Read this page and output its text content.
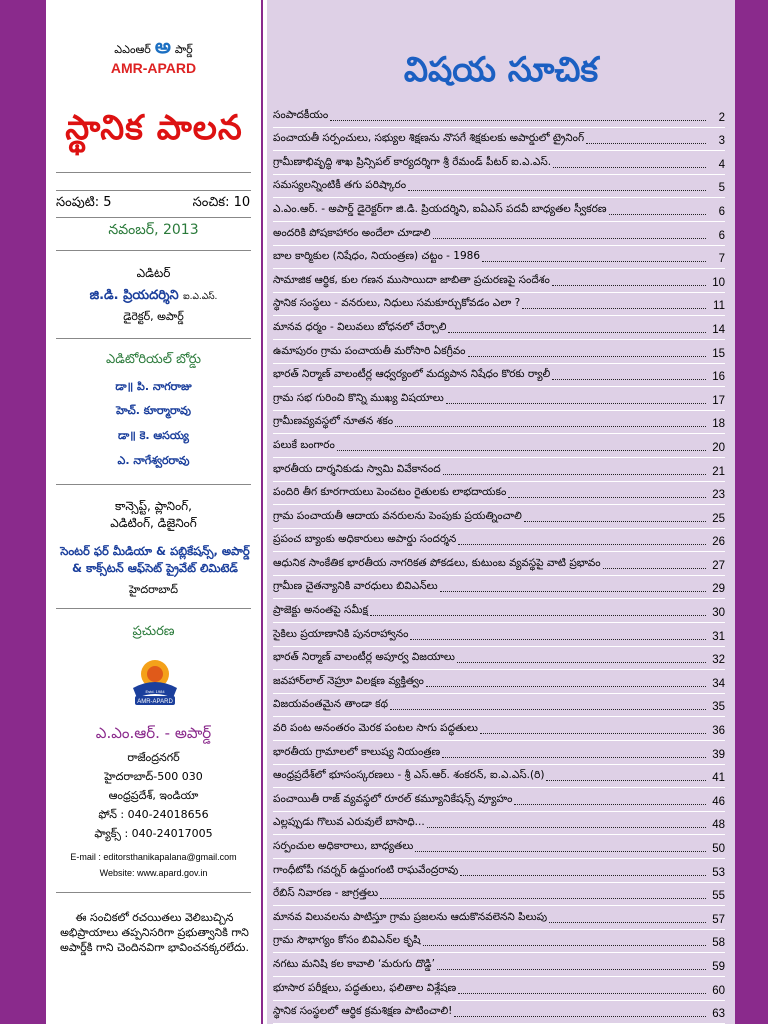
ఎఎంఆర్ అ పార్డ్
AMR-APARD
స్థానిక పాలన
సంపుటి: 5	సంచిక: 10
నవంబర్, 2013
ఎడిటర్
జి.డి. ప్రియదర్శిని ఐ.ఎ.ఎస్.
డైరెక్టర్, అపార్డ్
ఎడిటోరియల్ బోర్డు
డా॥ పి. నాగరాజు
హెచ్. కూర్మారావు
డా॥ కె. ఆసయ్య
ఎ. నాగేశ్వరరావు
కాన్సెప్ట్, ప్లానింగ్,
ఎడిటింగ్, డిజైనింగ్
సెంటర్ ఫర్ మీడియా & పబ్లికేషన్స్, అపార్డ్
& కాక్స్‌టన్ ఆఫ్‌సెట్ ప్రైవేట్ లిమిటెడ్
హైదరాబాద్
ప్రచురణ
AMR-APARD
Estd. 1984
ఎ.ఎం.ఆర్. - అపార్డ్
రాజేంద్రనగర్
హైదరాబాద్-500 030
ఆంధ్రప్రదేశ్, ఇండియా
ఫోన్ : 040-24018656
ఫ్యాక్స్ : 040-24017005
E-mail : editorsthanikapalana@gmail.com
Website: www.apard.gov.in
ఈ సంచికలో రచయితలు వెలిబుచ్చిన అభిప్రాయాలు తప్పనిసరిగా ప్రభుత్వానికి గాని అపార్డ్‌కి గాని చెందినవిగా భావించనక్కరలేదు.
విషయ సూచిక
సంపాదకీయం	2
పంచాయతీ సర్పంచులు, సభ్యుల శిక్షణను నొసగే శిక్షకులకు అపార్డులో ట్రైనింగ్	3
గ్రామీణాభివృద్ధి శాఖ ప్రిన్సిపల్ కార్యదర్శిగా శ్రీ రేమండ్ పీటర్ ఐ.ఎ.ఎస్.	4
సమస్యలన్నింటికీ తగు పరిష్కారం	5
ఎ.ఎం.ఆర్. - అపార్డ్ డైరెక్టర్‌గా జి.డి. ప్రియదర్శిని, ఐఏఎస్ పదవీ బాధ్యతల స్వీకరణ	6
అందరికి పోషకాహారం అందేలా చూడాలి	6
బాల కార్మికుల (నిషేధం, నియంత్రణ) చట్టం - 1986	7
సామాజిక ఆర్థిక, కుల గణన ముసాయిదా జాబితా ప్రచురణపై సందేశం	10
స్థానిక సంస్థలు - వనరులు, నిధులు సమకూర్చుకోవడం ఎలా ?	11
మానవ ధర్మం - విలువలు బోధనలో చేర్చాలి	14
ఉమాపురం గ్రామ పంచాయతీ మరోసారి ఏకగ్రీవం	15
భారత్ నిర్మాణ్ వాలంటీర్ల ఆధ్వర్యంలో మద్యపాన నిషేధం కొరకు ర్యాలీ	16
గ్రామ సభ గురించి కొన్ని ముఖ్య విషయాలు	17
గ్రామీణవ్యవస్థలో నూతన శకం	18
పలుకే బంగారం	20
భారతీయ దార్శనికుడు స్వామి వివేకానంద	21
పందిరి తీగ కూరగాయలు పెంచటం రైతులకు లాభదాయకం	23
గ్రామ పంచాయతీ ఆదాయ వనరులను పెంపుకు ప్రయత్నించాలి	25
ప్రపంచ బ్యాంకు అధికారులు అపార్డు సందర్శన	26
ఆధునిక సాంకేతిక భారతీయ నాగరికత పోకడలు, కుటుంబ వ్యవస్థపై వాటి ప్రభావం	27
గ్రామీణ చైతన్యానికి వారధులు బివిఎన్‌లు	29
ప్రాజెక్టు అనంతపై సమీక్ష	30
సైకిలు ప్రయాణానికి పునరాహ్వానం	31
భారత్ నిర్మాణ్ వాలంటీర్ల అపూర్వ విజయాలు	32
జవహార్‌లాల్ నెహ్రూ విలక్షణ వ్యక్తిత్వం	34
విజయవంతమైన తాండా కథ	35
వరి పంట అనంతరం మెరక పంటల సాగు పద్ధతులు	36
భారతీయ గ్రామాలలో కాలుష్య నియంత్రణ	39
ఆంధ్రప్రదేశ్‌లో భూసంస్కరణలు - శ్రీ ఎస్.ఆర్. శంకరన్, ఐ.ఎ.ఎస్.(రి)	41
పంచాయితీ రాజ్ వ్యవస్థలో రూరల్ కమ్యూనికేషన్స్ వ్యూహం	46
ఎల్లప్పుడు గొలువ ఎరువులే బాసాధి...	48
సర్పంచుల అధికారాలు, బాధ్యతలు	50
గాంధీటోపీ గవర్నర్ ఉద్దుంగంటి రాఘవేంద్రరావు	53
రేబిస్ నివారణ - జాగ్రత్తలు	55
మానవ విలువలను పాటిస్తూ గ్రామ ప్రజలను ఆదుకొనవలెనని పిలుపు	57
గ్రామ సౌభాగ్యం కోసం బివిఎన్‌ల కృషి	58
నగటు మనిషి కల కావాలి ‘మరుగు దొడ్డి’	59
భూసార పరీక్షలు, పద్ధతులు, ఫలితాల విశ్లేషణ	60
స్థానిక సంస్థలలో ఆర్థిక క్రమశిక్షణ పాటించాలి!	63
